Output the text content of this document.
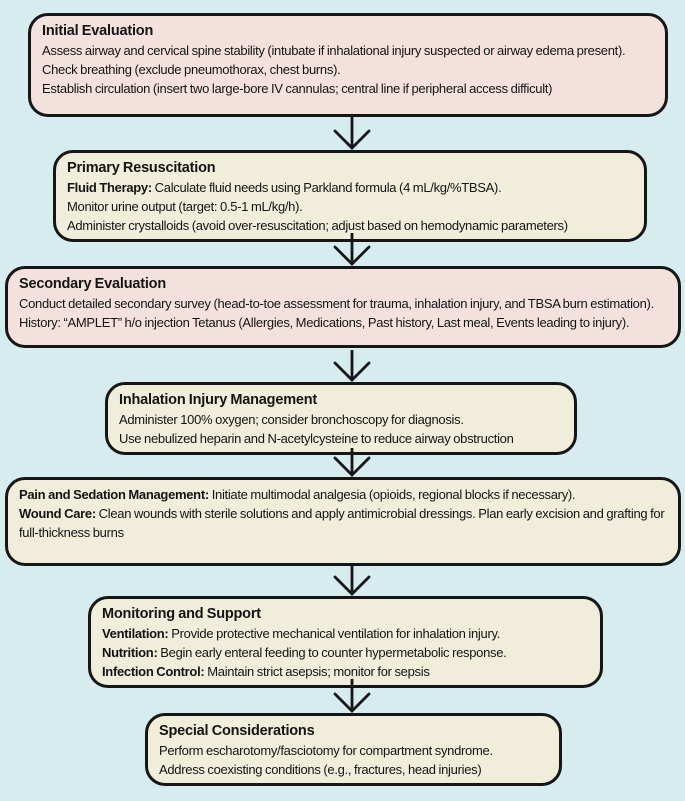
Initial Evaluation

Assess airway and cervical spine stability (intubate if inhalational injury suspected or airway edema present).

Check breathing (exclude pneumothorax, chest burns).

Establish circulation (insert two large-bore IV cannulas; central line if peripheral access difficult)

Primary Resuscitation

Fluid Therapy: Calculate fluid needs using Parkland formula (4 mL/kg/%TBSA).

Monitor urine output (target: 0.5-1 mL/kg/h).

Administer crystalloids (avoid over-resuscitation; adjust based on hemodynamic parameters)

Secondary Evaluation

Conduct detailed secondary survey (head-to-toe assessment for trauma, inhalation injury, and TBSA burn estimation).

History: “AMPLET” h/o injection Tetanus (Allergies, Medications, Past history, Last meal, Events leading to injury).

Inhalation Injury Management

Administer 100% oxygen; consider bronchoscopy for diagnosis.

Use nebulized heparin and N-acetylcysteine to reduce airway obstruction

Pain and Sedation Management: Initiate multimodal analgesia (opioids, regional blocks if necessary).

Wound Care: Clean wounds with sterile solutions and apply antimicrobial dressings. Plan early excision and grafting for full-thickness burns

Monitoring and Support

Ventilation: Provide protective mechanical ventilation for inhalation injury.

Nutrition: Begin early enteral feeding to counter hypermetabolic response.

Infection Control: Maintain strict asepsis; monitor for sepsis

Special Considerations

Perform escharotomy/fasciotomy for compartment syndrome.

Address coexisting conditions (e.g., fractures, head injuries)
